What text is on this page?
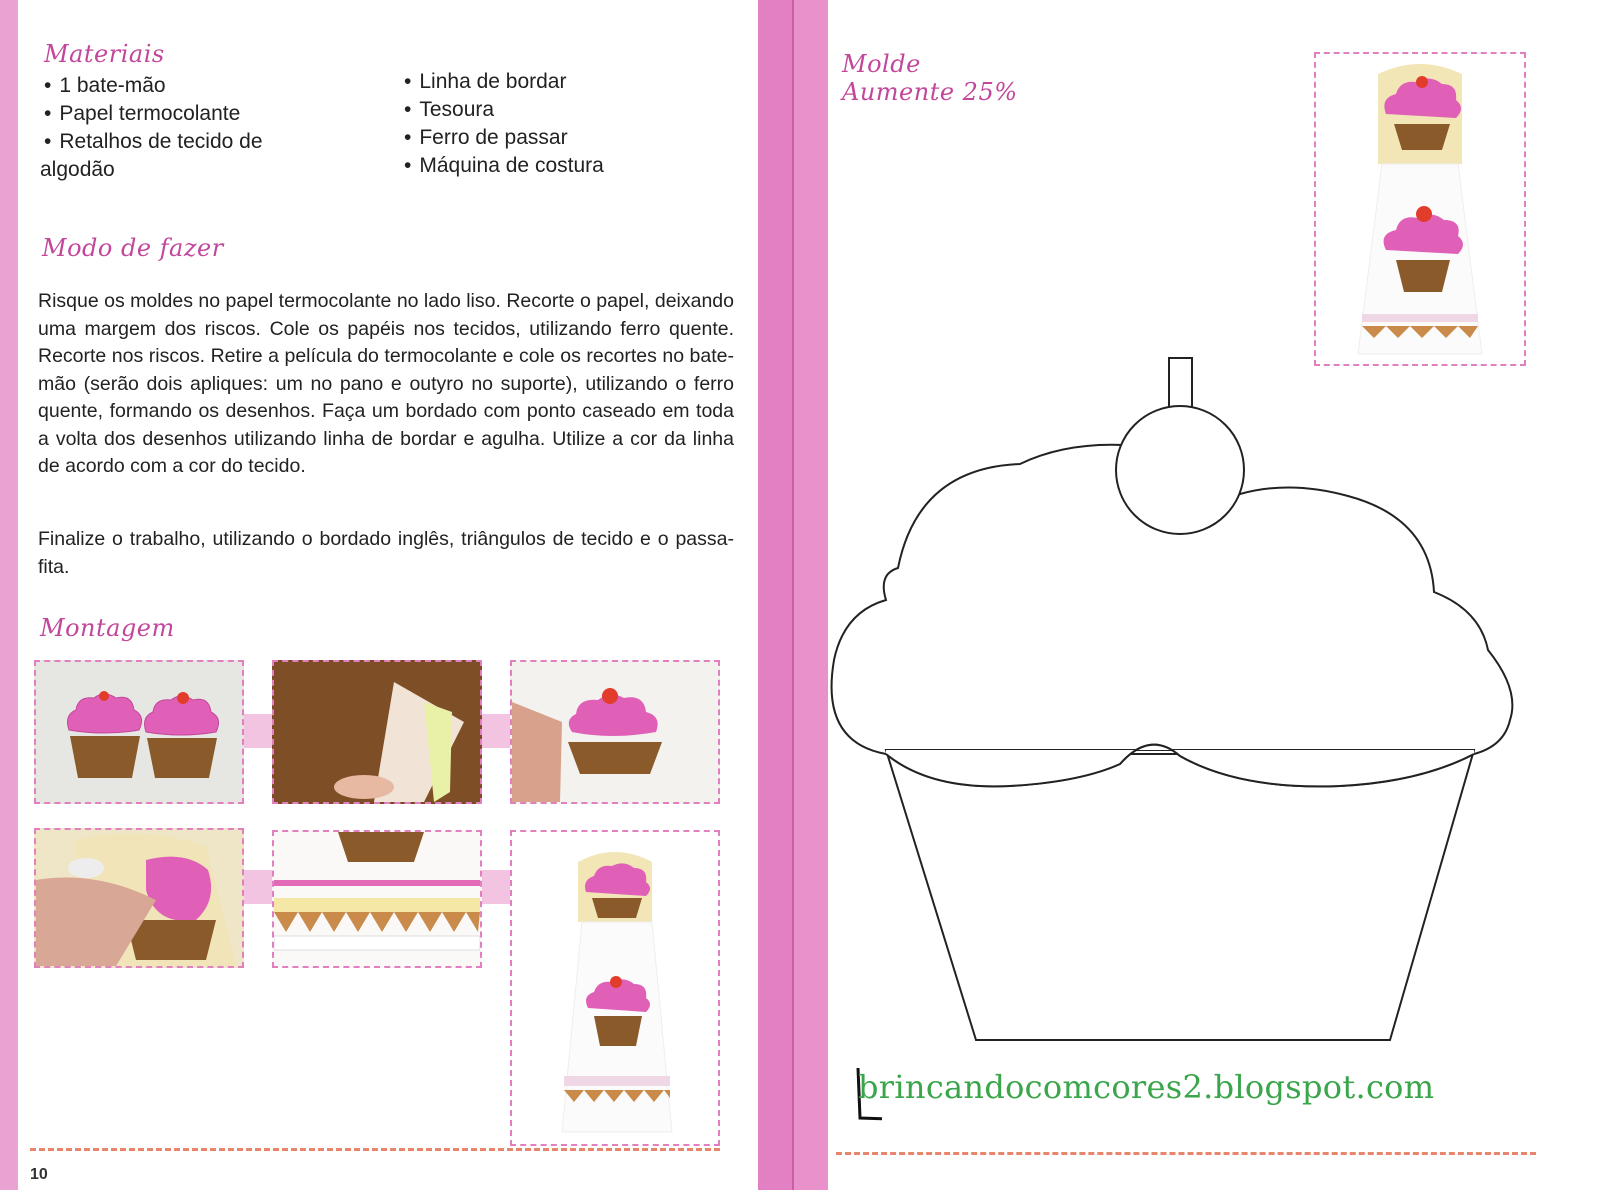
Materiais
• 1 bate-mão
• Papel termocolante
• Retalhos de tecido de
algodão
• Linha de bordar
• Tesoura
• Ferro de passar
• Máquina de costura
Modo de fazer

Risque os moldes no papel termocolante no lado liso. Recorte o papel, deixando uma margem dos riscos. Cole os papéis nos tecidos, utilizando ferro quente. Recorte nos riscos. Retire a película do termocolante e cole os recortes no bate-mão (serão dois apliques: um no pano e outyro no suporte), utilizando o ferro quente, formando os desenhos. Faça um bordado com ponto caseado em toda a volta dos desenhos utilizando linha de bordar e agulha. Utilize a cor da linha de acordo com a cor do tecido.

Finalize o trabalho, utilizando o bordado inglês, triângulos de tecido e o passa-fita.

Montagem
10
Molde
Aumente 25%
brincandocomcores2.blogspot.com
